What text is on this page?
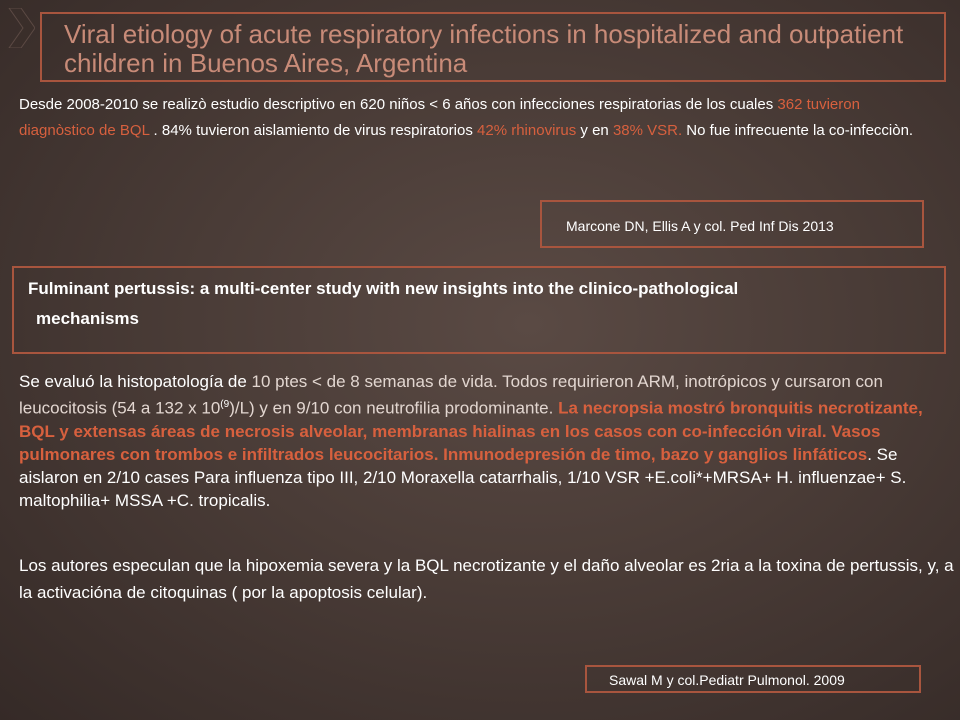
Viral etiology of acute respiratory infections in hospitalized and outpatient children in Buenos Aires, Argentina
Desde 2008-2010 se realizò estudio descriptivo en 620 niños < 6 años con infecciones respiratorias de los cuales 362 tuvieron diagnòstico de BQL . 84% tuvieron aislamiento de virus respiratorios 42% rhinovirus y en 38% VSR. No fue infrecuente la co-infecciòn.
Marcone DN, Ellis A y col. Ped Inf Dis 2013
Fulminant pertussis: a multi-center study with new insights into the clinico-pathological
mechanisms
Se evaluó la histopatología de 10 ptes < de 8 semanas de vida. Todos requirieron ARM, inotrópicos y cursaron con leucocitosis (54 a 132 x 10$^{(9}$)/L) y en 9/10 con neutrofilia prodominante. La necropsia mostró bronquitis necrotizante, BQL y extensas áreas de necrosis alveolar, membranas hialinas en los casos con co-infección viral. Vasos pulmonares con trombos e infiltrados leucocitarios. Inmunodepresión de timo, bazo y ganglios linfáticos. Se aislaron en 2/10 cases Para influenza tipo III, 2/10 Moraxella catarrhalis, 1/10 VSR +E.coli*+MRSA+ H. influenzae+ S. maltophilia+ MSSA +C. tropicalis.
Los autores especulan que la hipoxemia severa y la BQL necrotizante y el daño alveolar es 2ria a la toxina de pertussis, y, a la activacióna de citoquinas ( por la apoptosis celular).
Sawal M y col.Pediatr Pulmonol. 2009
